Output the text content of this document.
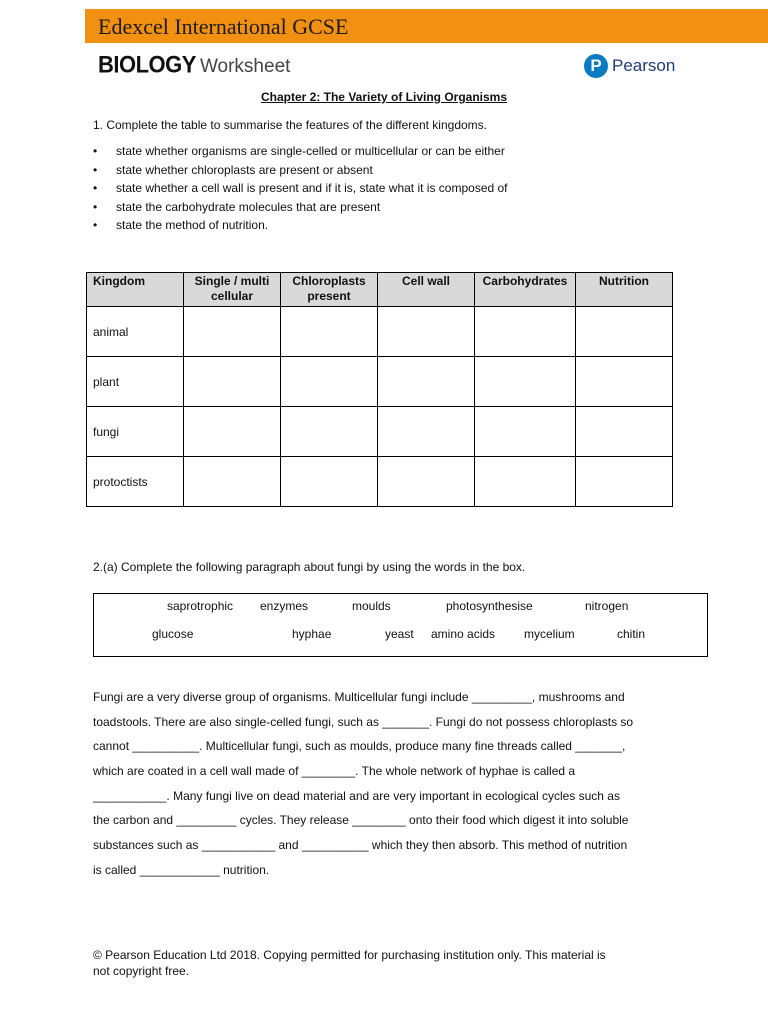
Edexcel International GCSE
BIOLOGY Worksheet	P Pearson
Chapter 2: The Variety of Living Organisms
1. Complete the table to summarise the features of the different kingdoms.
• state whether organisms are single-celled or multicellular or can be either
• state whether chloroplasts are present or absent
• state whether a cell wall is present and if it is, state what it is composed of
• state the carbohydrate molecules that are present
• state the method of nutrition.
Kingdom	Single / multi cellular	Chloroplasts present	Cell wall	Carbohydrates	Nutrition
animal					
plant					
fungi					
protoctists					
2.(a) Complete the following paragraph about fungi by using the words in the box.
saprotrophic enzymes	moulds	photosynthesise	nitrogen
glucose	hyphae	yeast amino acids mycelium	chitin
Fungi are a very diverse group of organisms. Multicellular fungi include _________, mushrooms and
toadstools. There are also single-celled fungi, such as _______. Fungi do not possess chloroplasts so
cannot __________. Multicellular fungi, such as moulds, produce many fine threads called _______,
which are coated in a cell wall made of ________. The whole network of hyphae is called a
___________. Many fungi live on dead material and are very important in ecological cycles such as
the carbon and _________ cycles. They release ________ onto their food which digest it into soluble
substances such as ___________ and __________ which they then absorb. This method of nutrition
is called ____________ nutrition.
© Pearson Education Ltd 2018. Copying permitted for purchasing institution only. This material is
not copyright free.
